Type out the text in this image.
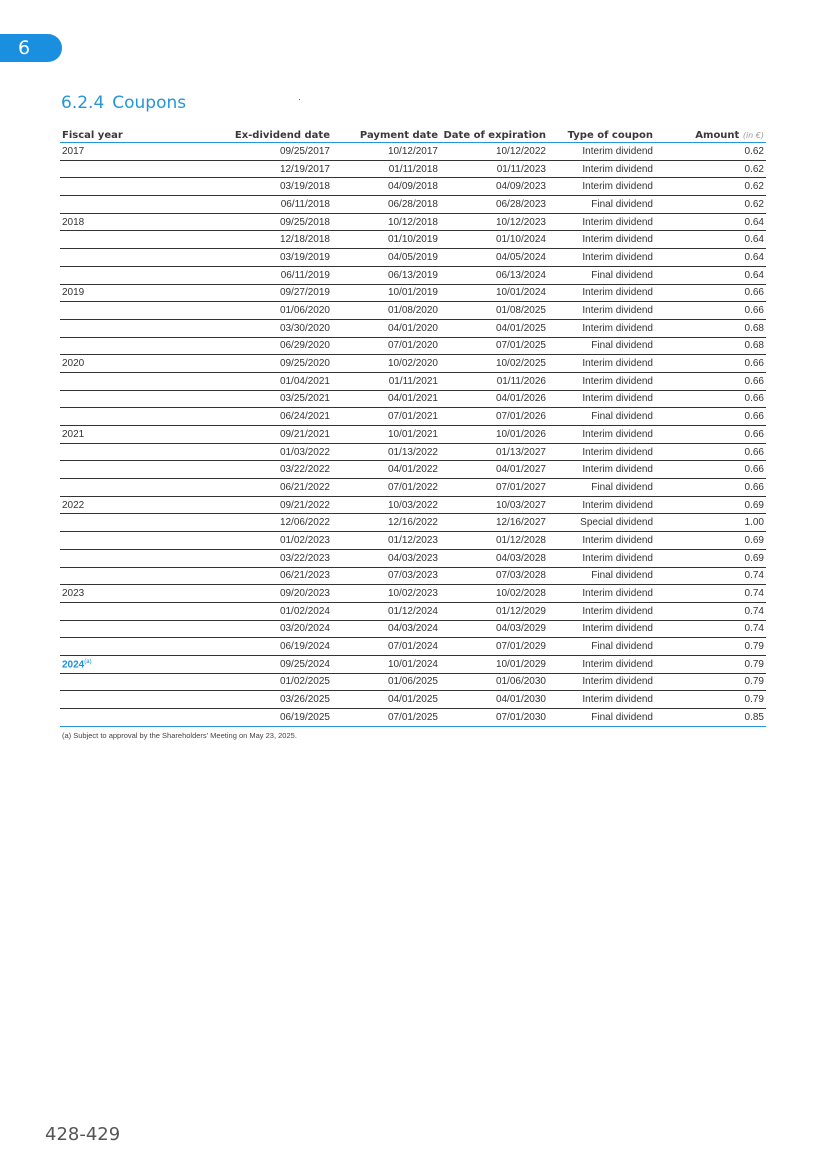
6
6.2.4 Coupons
Fiscal year	Ex-dividend date	Payment date	Date of expiration	Type of coupon	Amount (in €)
2017	09/25/2017	10/12/2017	10/12/2022	Interim dividend	0.62
	12/19/2017	01/11/2018	01/11/2023	Interim dividend	0.62
	03/19/2018	04/09/2018	04/09/2023	Interim dividend	0.62
	06/11/2018	06/28/2018	06/28/2023	Final dividend	0.62
2018	09/25/2018	10/12/2018	10/12/2023	Interim dividend	0.64
	12/18/2018	01/10/2019	01/10/2024	Interim dividend	0.64
	03/19/2019	04/05/2019	04/05/2024	Interim dividend	0.64
	06/11/2019	06/13/2019	06/13/2024	Final dividend	0.64
2019	09/27/2019	10/01/2019	10/01/2024	Interim dividend	0.66
	01/06/2020	01/08/2020	01/08/2025	Interim dividend	0.66
	03/30/2020	04/01/2020	04/01/2025	Interim dividend	0.68
	06/29/2020	07/01/2020	07/01/2025	Final dividend	0.68
2020	09/25/2020	10/02/2020	10/02/2025	Interim dividend	0.66
	01/04/2021	01/11/2021	01/11/2026	Interim dividend	0.66
	03/25/2021	04/01/2021	04/01/2026	Interim dividend	0.66
	06/24/2021	07/01/2021	07/01/2026	Final dividend	0.66
2021	09/21/2021	10/01/2021	10/01/2026	Interim dividend	0.66
	01/03/2022	01/13/2022	01/13/2027	Interim dividend	0.66
	03/22/2022	04/01/2022	04/01/2027	Interim dividend	0.66
	06/21/2022	07/01/2022	07/01/2027	Final dividend	0.66
2022	09/21/2022	10/03/2022	10/03/2027	Interim dividend	0.69
	12/06/2022	12/16/2022	12/16/2027	Special dividend	1.00
	01/02/2023	01/12/2023	01/12/2028	Interim dividend	0.69
	03/22/2023	04/03/2023	04/03/2028	Interim dividend	0.69
	06/21/2023	07/03/2023	07/03/2028	Final dividend	0.74
2023	09/20/2023	10/02/2023	10/02/2028	Interim dividend	0.74
	01/02/2024	01/12/2024	01/12/2029	Interim dividend	0.74
	03/20/2024	04/03/2024	04/03/2029	Interim dividend	0.74
	06/19/2024	07/01/2024	07/01/2029	Final dividend	0.79
2024$^{(a)}$	09/25/2024	10/01/2024	10/01/2029	Interim dividend	0.79
	01/02/2025	01/06/2025	01/06/2030	Interim dividend	0.79
	03/26/2025	04/01/2025	04/01/2030	Interim dividend	0.79
	06/19/2025	07/01/2025	07/01/2030	Final dividend	0.85
(a) Subject to approval by the Shareholders' Meeting on May 23, 2025.
428-429
